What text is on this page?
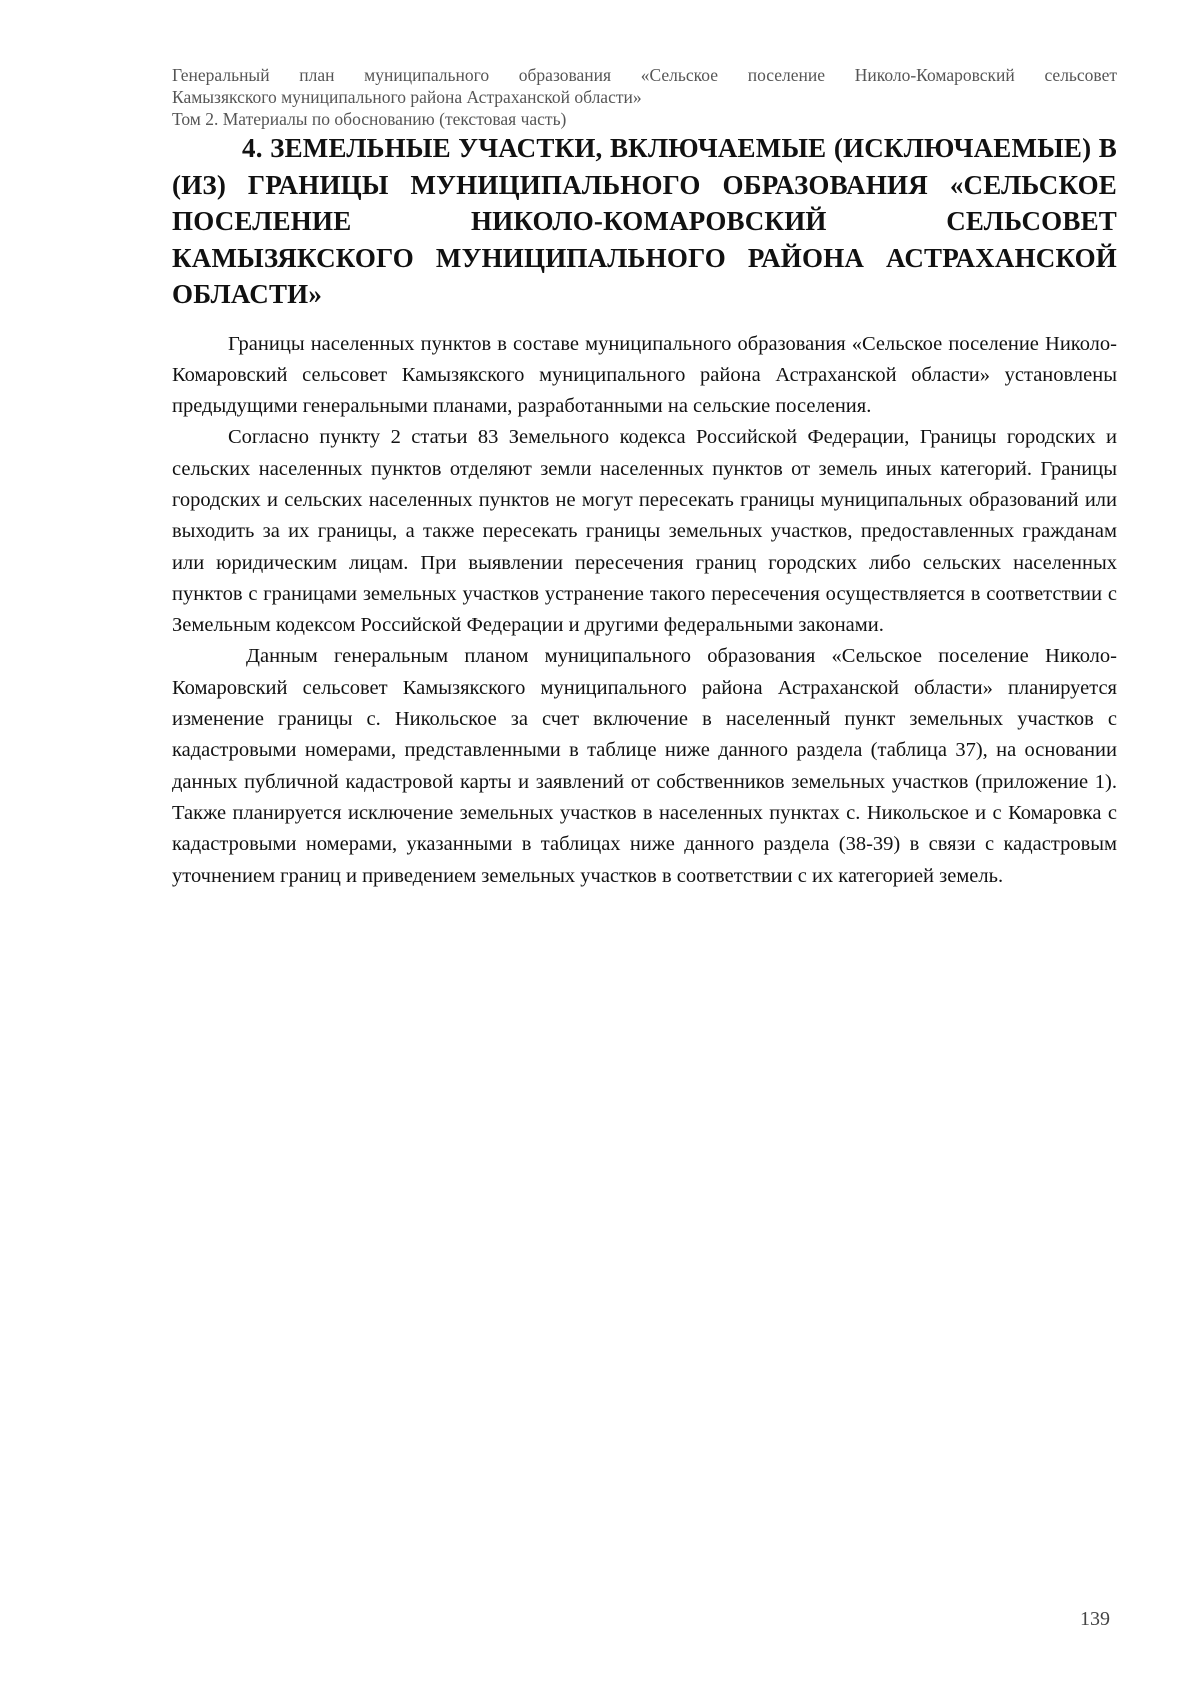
Генеральный план муниципального образования «Сельское поселение Николо-Комаровский сельсовет
Камызякского муниципального района Астраханской области»
Том 2. Материалы по обоснованию (текстовая часть)
4. ЗЕМЕЛЬНЫЕ УЧАСТКИ, ВКЛЮЧАЕМЫЕ (ИСКЛЮЧАЕМЫЕ) В (ИЗ) ГРАНИЦЫ МУНИЦИПАЛЬНОГО ОБРАЗОВАНИЯ «СЕЛЬСКОЕ ПОСЕЛЕНИЕ НИКОЛО-КОМАРОВСКИЙ СЕЛЬСОВЕТ КАМЫЗЯКСКОГО МУНИЦИПАЛЬНОГО РАЙОНА АСТРАХАНСКОЙ ОБЛАСТИ»

Границы населенных пунктов в составе муниципального образования «Сельское поселение Николо-Комаровский сельсовет Камызякского муниципального района Астраханской области» установлены предыдущими генеральными планами, разработанными на сельские поселения.

Согласно пункту 2 статьи 83 Земельного кодекса Российской Федерации, Границы городских и сельских населенных пунктов отделяют земли населенных пунктов от земель иных категорий. Границы городских и сельских населенных пунктов не могут пересекать границы муниципальных образований или выходить за их границы, а также пересекать границы земельных участков, предоставленных гражданам или юридическим лицам. При выявлении пересечения границ городских либо сельских населенных пунктов с границами земельных участков устранение такого пересечения осуществляется в соответствии с Земельным кодексом Российской Федерации и другими федеральными законами.

Данным генеральным планом муниципального образования «Сельское поселение Николо-Комаровский сельсовет Камызякского муниципального района Астраханской области» планируется изменение границы с. Никольское за счет включение в населенный пункт земельных участков с кадастровыми номерами, представленными в таблице ниже данного раздела (таблица 37), на основании данных публичной кадастровой карты и заявлений от собственников земельных участков (приложение 1). Также планируется исключение земельных участков в населенных пунктах с. Никольское и с Комаровка с кадастровыми номерами, указанными в таблицах ниже данного раздела (38-39) в связи с кадастровым уточнением границ и приведением земельных участков в соответствии с их категорией земель.

139
